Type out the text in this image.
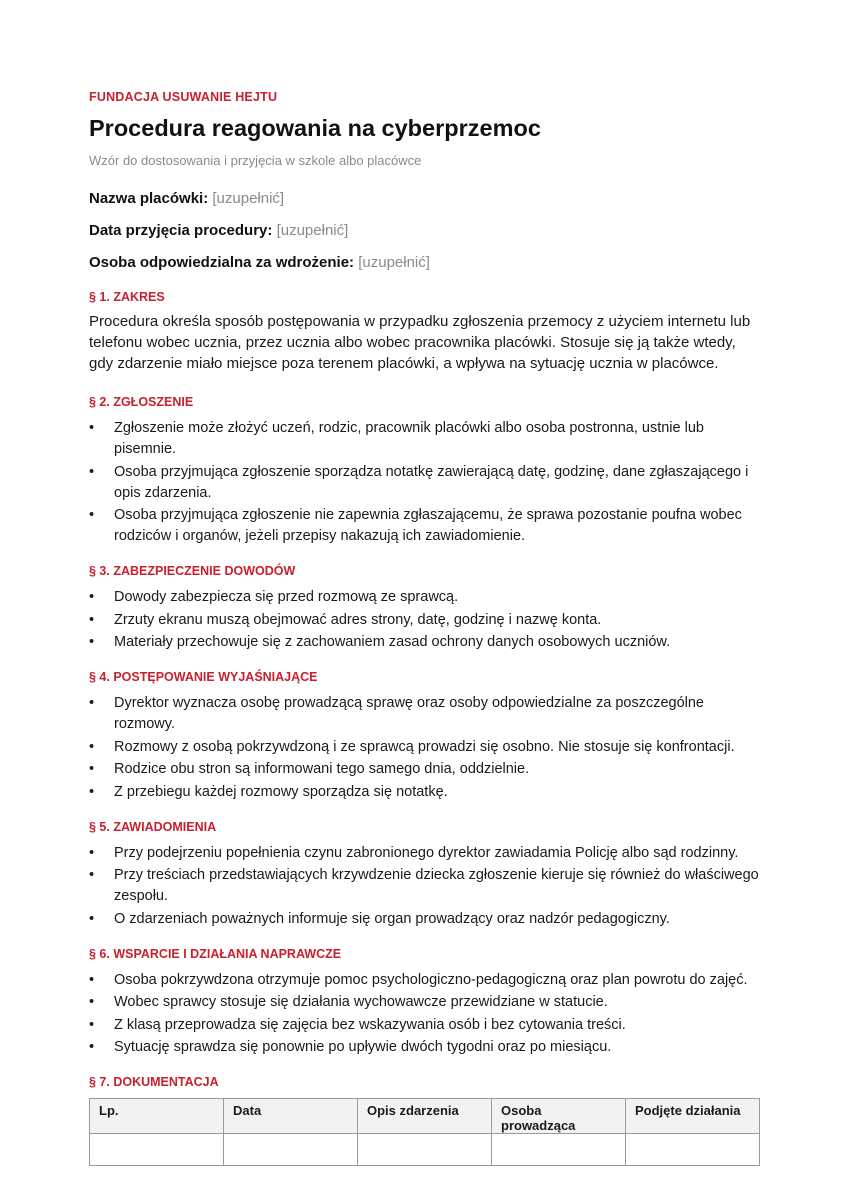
FUNDACJA USUWANIE HEJTU

Procedura reagowania na cyberprzemoc

Wzór do dostosowania i przyjęcia w szkole albo placówce

Nazwa placówki: [uzupełnić]

Data przyjęcia procedury: [uzupełnić]

Osoba odpowiedzialna za wdrożenie: [uzupełnić]

§ 1. ZAKRES

Procedura określa sposób postępowania w przypadku zgłoszenia przemocy z użyciem internetu lub telefonu wobec ucznia, przez ucznia albo wobec pracownika placówki. Stosuje się ją także wtedy, gdy zdarzenie miało miejsce poza terenem placówki, a wpływa na sytuację ucznia w placówce.

§ 2. ZGŁOSZENIE

• Zgłoszenie może złożyć uczeń, rodzic, pracownik placówki albo osoba postronna, ustnie lub pisemnie.
• Osoba przyjmująca zgłoszenie sporządza notatkę zawierającą datę, godzinę, dane zgłaszającego i opis zdarzenia.
• Osoba przyjmująca zgłoszenie nie zapewnia zgłaszającemu, że sprawa pozostanie poufna wobec rodziców i organów, jeżeli przepisy nakazują ich zawiadomienie.

§ 3. ZABEZPIECZENIE DOWODÓW

• Dowody zabezpiecza się przed rozmową ze sprawcą.
• Zrzuty ekranu muszą obejmować adres strony, datę, godzinę i nazwę konta.
• Materiały przechowuje się z zachowaniem zasad ochrony danych osobowych uczniów.

§ 4. POSTĘPOWANIE WYJAŚNIAJĄCE

• Dyrektor wyznacza osobę prowadzącą sprawę oraz osoby odpowiedzialne za poszczególne rozmowy.
• Rozmowy z osobą pokrzywdzoną i ze sprawcą prowadzi się osobno. Nie stosuje się konfrontacji.
• Rodzice obu stron są informowani tego samego dnia, oddzielnie.
• Z przebiegu każdej rozmowy sporządza się notatkę.

§ 5. ZAWIADOMIENIA

• Przy podejrzeniu popełnienia czynu zabronionego dyrektor zawiadamia Policję albo sąd rodzinny.
• Przy treściach przedstawiających krzywdzenie dziecka zgłoszenie kieruje się również do właściwego zespołu.
• O zdarzeniach poważnych informuje się organ prowadzący oraz nadzór pedagogiczny.

§ 6. WSPARCIE I DZIAŁANIA NAPRAWCZE

• Osoba pokrzywdzona otrzymuje pomoc psychologiczno-pedagogiczną oraz plan powrotu do zajęć.
• Wobec sprawcy stosuje się działania wychowawcze przewidziane w statucie.
• Z klasą przeprowadza się zajęcia bez wskazywania osób i bez cytowania treści.
• Sytuację sprawdza się ponownie po upływie dwóch tygodni oraz po miesiącu.

§ 7. DOKUMENTACJA

Lp.	Data	Opis zdarzenia	Osoba prowadząca	Podjęte działania
